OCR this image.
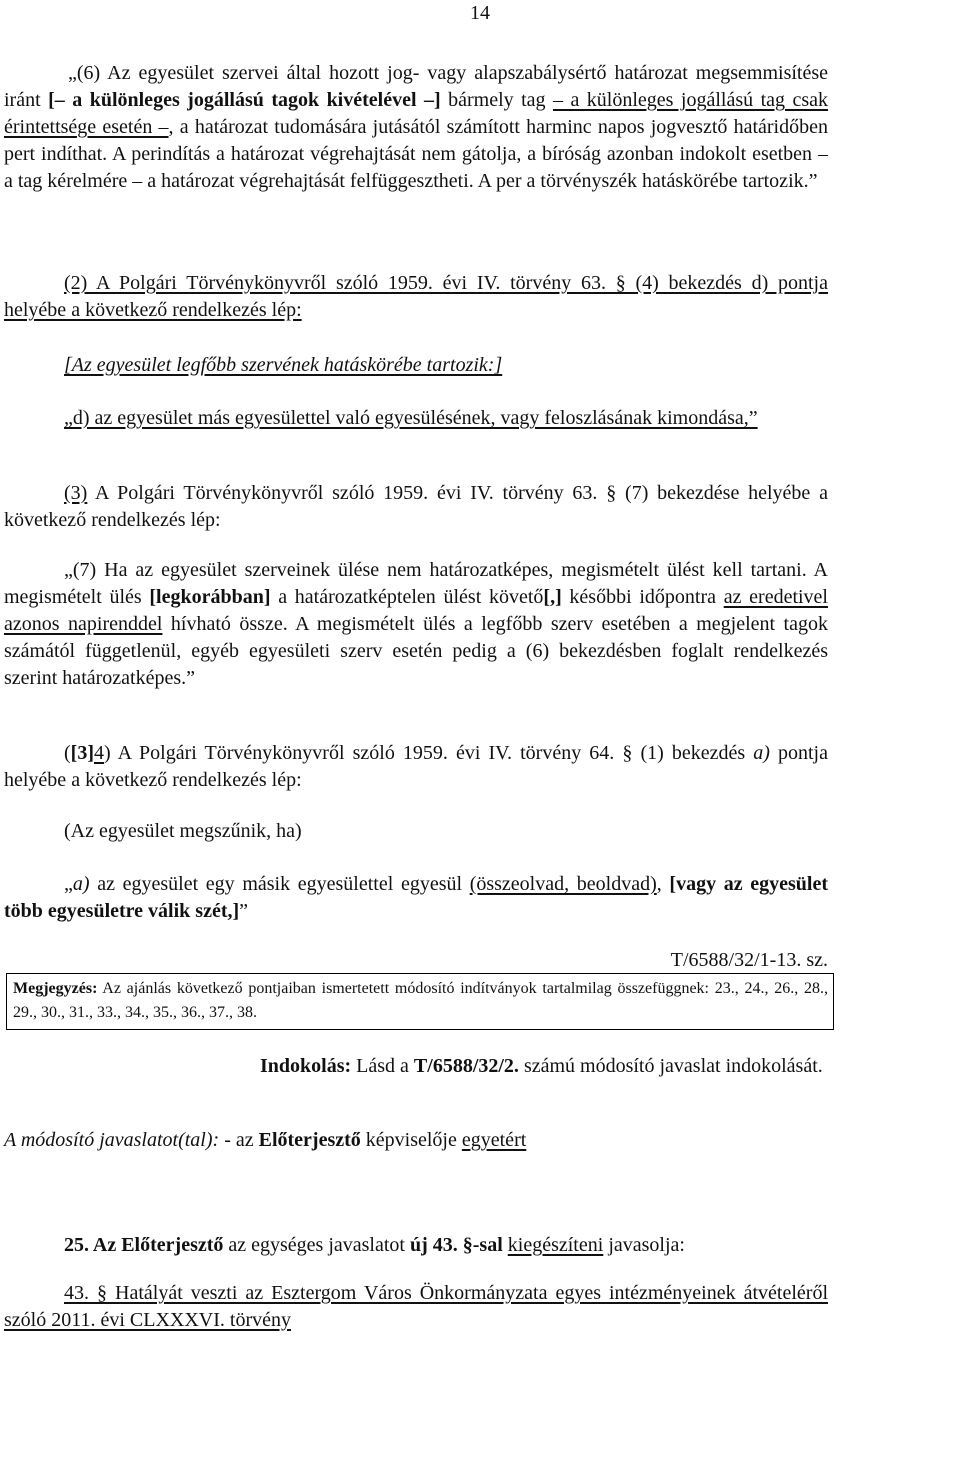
14
„(6) Az egyesület szervei által hozott jog- vagy alapszabálysértő határozat megsemmisítése iránt [– a különleges jogállású tagok kivételével –] bármely tag – a különleges jogállású tag csak érintettsége esetén –, a határozat tudomására jutásától számított harminc napos jogvesztő határidőben pert indíthat. A perindítás a határozat végrehajtását nem gátolja, a bíróság azonban indokolt esetben – a tag kérelmére – a határozat végrehajtását felfüggesztheti. A per a törvényszék hatáskörébe tartozik.”
(2) A Polgári Törvénykönyvről szóló 1959. évi IV. törvény 63. § (4) bekezdés d) pontja helyébe a következő rendelkezés lép:
[Az egyesület legfőbb szervének hatáskörébe tartozik:]
„d) az egyesület más egyesülettel való egyesülésének, vagy feloszlásának kimondása,”
(3) A Polgári Törvénykönyvről szóló 1959. évi IV. törvény 63. § (7) bekezdése helyébe a következő rendelkezés lép:
„(7) Ha az egyesület szerveinek ülése nem határozatképes, megismételt ülést kell tartani. A megismételt ülés [legkorábban] a határozatképtelen ülést követő[,] későbbi időpontra az eredetivel azonos napirenddel hívható össze. A megismételt ülés a legfőbb szerv esetében a megjelent tagok számától függetlenül, egyéb egyesületi szerv esetén pedig a (6) bekezdésben foglalt rendelkezés szerint határozatképes.”
([3]4) A Polgári Törvénykönyvről szóló 1959. évi IV. törvény 64. § (1) bekezdés a) pontja helyébe a következő rendelkezés lép:
(Az egyesület megszűnik, ha)
„a) az egyesület egy másik egyesülettel egyesül (összeolvad, beoldvad), [vagy az egyesület több egyesületre válik szét,]”
T/6588/32/1-13. sz.
Megjegyzés: Az ajánlás következő pontjaiban ismertetett módosító indítványok tartalmilag összefüggnek: 23., 24., 26., 28., 29., 30., 31., 33., 34., 35., 36., 37., 38.
Indokolás: Lásd a T/6588/32/2. számú módosító javaslat indokolását.
A módosító javaslatot(tal): - az Előterjesztő képviselője egyetért
25. Az Előterjesztő az egységes javaslatot új 43. §-sal kiegészíteni javasolja:
43. § Hatályát veszti az Esztergom Város Önkormányzata egyes intézményeinek átvételéről szóló 2011. évi CLXXXVI. törvény
